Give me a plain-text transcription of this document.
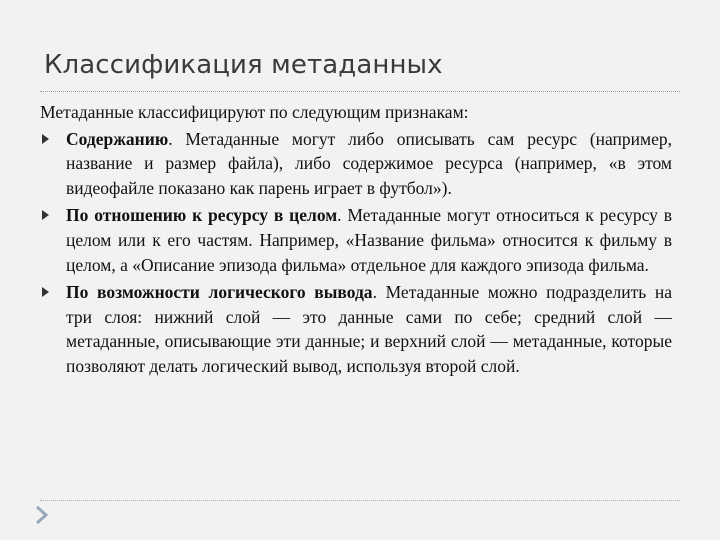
Классификация метаданных

Метаданные классифицируют по следующим признакам:

Содержанию. Метаданные могут либо описывать сам ресурс (например, название и размер файла), либо содержимое ресурса (например, «в этом видеофайле показано как парень играет в футбол»).

По отношению к ресурсу в целом. Метаданные могут относиться к ресурсу в целом или к его частям. Например, «Название фильма» относится к фильму в целом, а «Описание эпизода фильма» отдельное для каждого эпизода фильма.

По возможности логического вывода. Метаданные можно подразделить на три слоя: нижний слой — это данные сами по себе; средний слой — метаданные, описывающие эти данные; и верхний слой — метаданные, которые позволяют делать логический вывод, используя второй слой.
